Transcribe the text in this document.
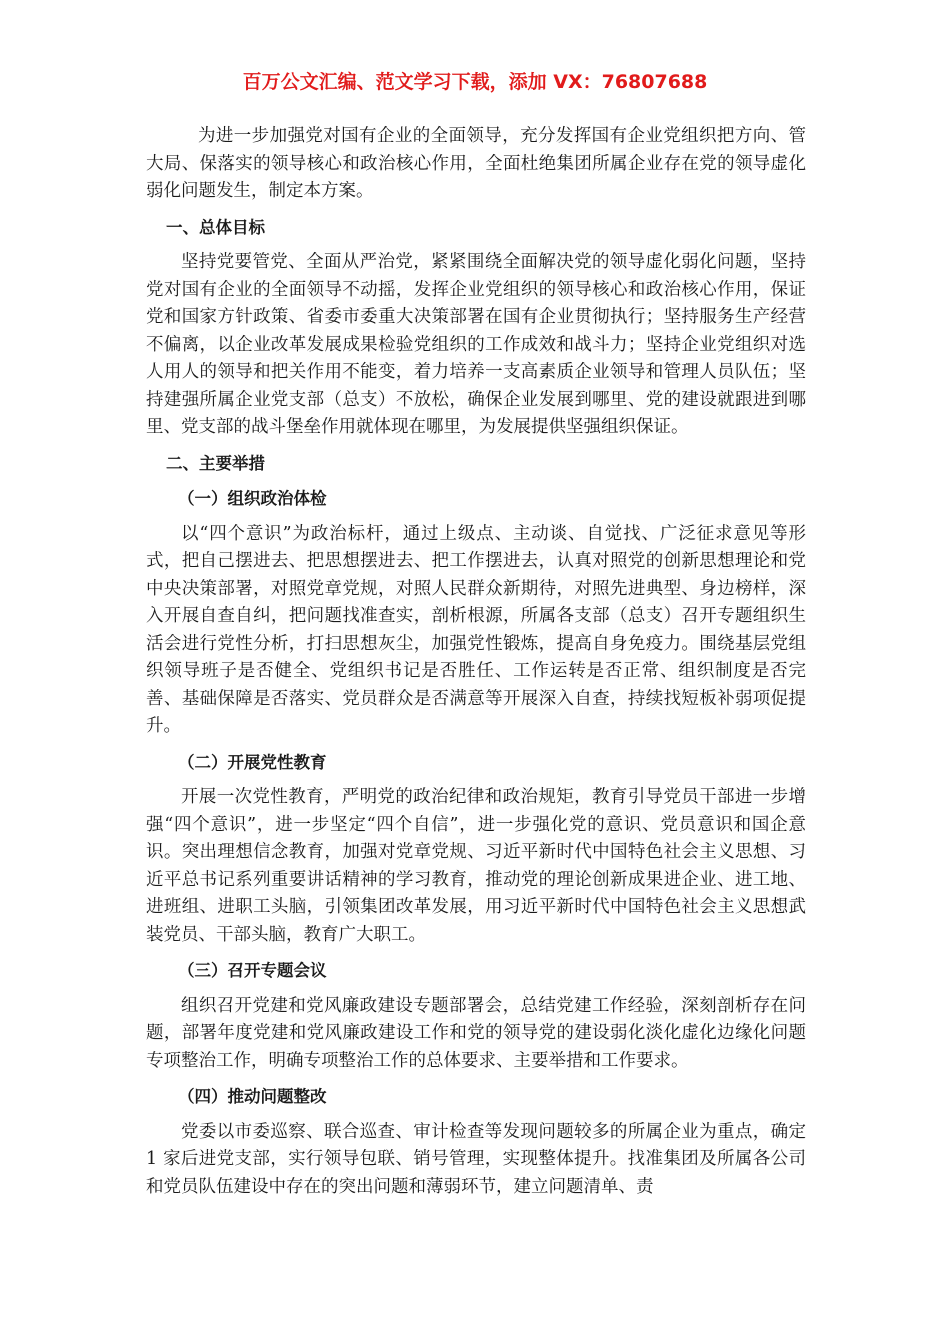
百万公文汇编、范文学习下载，添加 VX：76807688

为进一步加强党对国有企业的全面领导，充分发挥国有企业党组织把方向、管大局、保落实的领导核心和政治核心作用，全面杜绝集团所属企业存在党的领导虚化弱化问题发生，制定本方案。

一、总体目标

坚持党要管党、全面从严治党，紧紧围绕全面解决党的领导虚化弱化问题，坚持党对国有企业的全面领导不动摇，发挥企业党组织的领导核心和政治核心作用，保证党和国家方针政策、省委市委重大决策部署在国有企业贯彻执行；坚持服务生产经营不偏离，以企业改革发展成果检验党组织的工作成效和战斗力；坚持企业党组织对选人用人的领导和把关作用不能变，着力培养一支高素质企业领导和管理人员队伍；坚持建强所属企业党支部（总支）不放松，确保企业发展到哪里、党的建设就跟进到哪里、党支部的战斗堡垒作用就体现在哪里，为发展提供坚强组织保证。

二、主要举措

（一）组织政治体检

以“四个意识”为政治标杆，通过上级点、主动谈、自觉找、广泛征求意见等形式，把自己摆进去、把思想摆进去、把工作摆进去，认真对照党的创新思想理论和党中央决策部署，对照党章党规，对照人民群众新期待，对照先进典型、身边榜样，深入开展自查自纠，把问题找准查实，剖析根源，所属各支部（总支）召开专题组织生活会进行党性分析，打扫思想灰尘，加强党性锻炼，提高自身免疫力。围绕基层党组织领导班子是否健全、党组织书记是否胜任、工作运转是否正常、组织制度是否完善、基础保障是否落实、党员群众是否满意等开展深入自查，持续找短板补弱项促提升。

（二）开展党性教育

开展一次党性教育，严明党的政治纪律和政治规矩，教育引导党员干部进一步增强“四个意识”，进一步坚定“四个自信”，进一步强化党的意识、党员意识和国企意识。突出理想信念教育，加强对党章党规、习近平新时代中国特色社会主义思想、习近平总书记系列重要讲话精神的学习教育，推动党的理论创新成果进企业、进工地、进班组、进职工头脑，引领集团改革发展，用习近平新时代中国特色社会主义思想武装党员、干部头脑，教育广大职工。

（三）召开专题会议

组织召开党建和党风廉政建设专题部署会，总结党建工作经验，深刻剖析存在问题，部署年度党建和党风廉政建设工作和党的领导党的建设弱化淡化虚化边缘化问题专项整治工作，明确专项整治工作的总体要求、主要举措和工作要求。

（四）推动问题整改

党委以市委巡察、联合巡查、审计检查等发现问题较多的所属企业为重点，确定 1 家后进党支部，实行领导包联、销号管理，实现整体提升。找准集团及所属各公司和党员队伍建设中存在的突出问题和薄弱环节，建立问题清单、责
